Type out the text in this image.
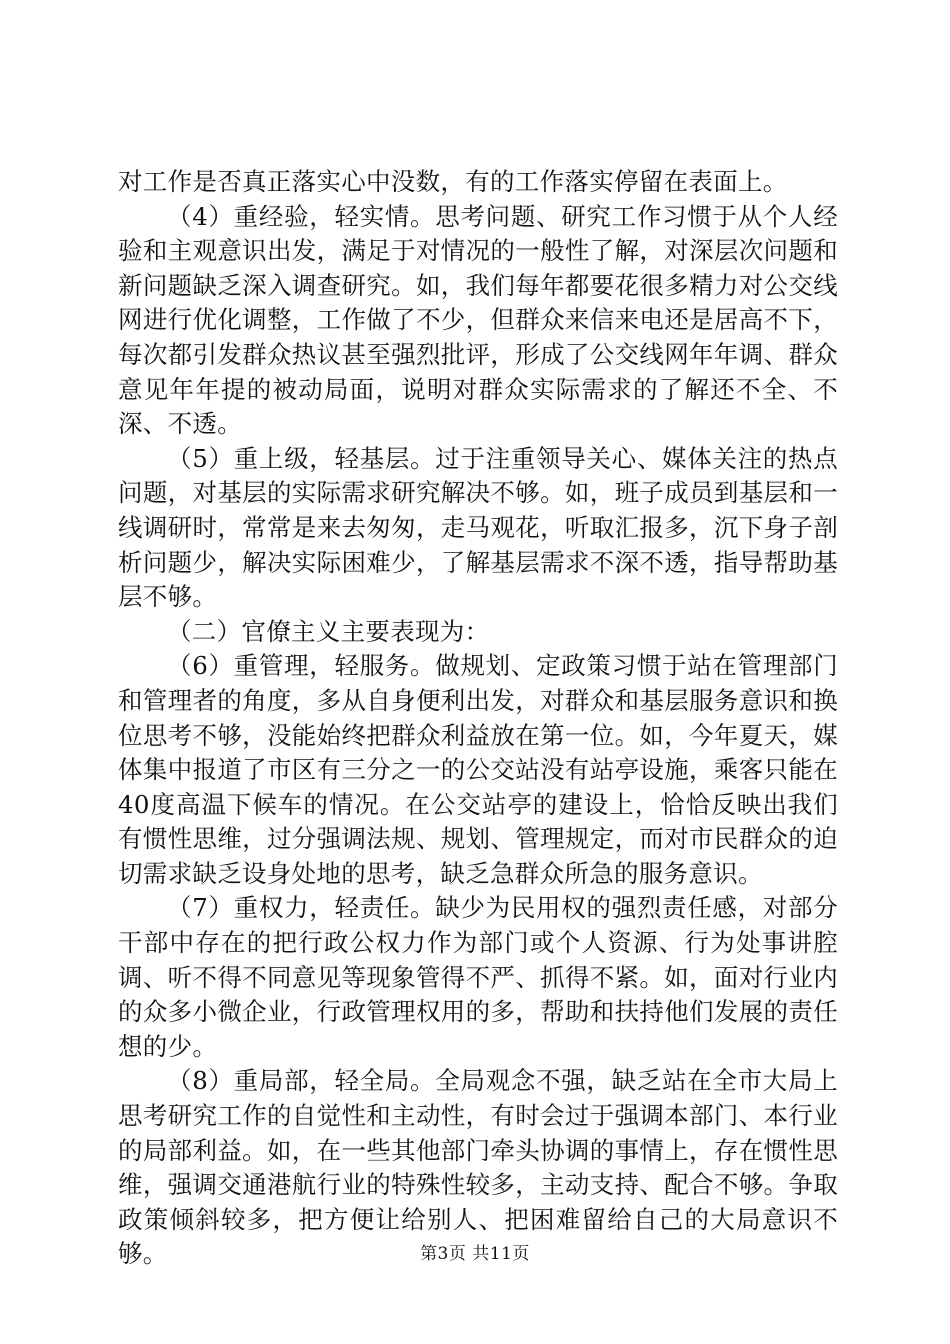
对工作是否真正落实心中没数，有的工作落实停留在表面上。

（4）重经验，轻实情。思考问题、研究工作习惯于从个人经验和主观意识出发，满足于对情况的一般性了解，对深层次问题和新问题缺乏深入调查研究。如，我们每年都要花很多精力对公交线网进行优化调整，工作做了不少，但群众来信来电还是居高不下，每次都引发群众热议甚至强烈批评，形成了公交线网年年调、群众意见年年提的被动局面，说明对群众实际需求的了解还不全、不深、不透。

（5）重上级，轻基层。过于注重领导关心、媒体关注的热点问题，对基层的实际需求研究解决不够。如，班子成员到基层和一线调研时，常常是来去匆匆，走马观花，听取汇报多，沉下身子剖析问题少，解决实际困难少，了解基层需求不深不透，指导帮助基层不够。

（二）官僚主义主要表现为：

（6）重管理，轻服务。做规划、定政策习惯于站在管理部门和管理者的角度，多从自身便利出发，对群众和基层服务意识和换位思考不够，没能始终把群众利益放在第一位。如，今年夏天，媒体集中报道了市区有三分之一的公交站没有站亭设施，乘客只能在40度高温下候车的情况。在公交站亭的建设上，恰恰反映出我们有惯性思维，过分强调法规、规划、管理规定，而对市民群众的迫切需求缺乏设身处地的思考，缺乏急群众所急的服务意识。

（7）重权力，轻责任。缺少为民用权的强烈责任感，对部分干部中存在的把行政公权力作为部门或个人资源、行为处事讲腔调、听不得不同意见等现象管得不严、抓得不紧。如，面对行业内的众多小微企业，行政管理权用的多，帮助和扶持他们发展的责任想的少。

（8）重局部，轻全局。全局观念不强，缺乏站在全市大局上思考研究工作的自觉性和主动性，有时会过于强调本部门、本行业的局部利益。如，在一些其他部门牵头协调的事情上，存在惯性思维，强调交通港航行业的特殊性较多，主动支持、配合不够。争取政策倾斜较多，把方便让给别人、把困难留给自己的大局意识不够。	第3页 共11页
